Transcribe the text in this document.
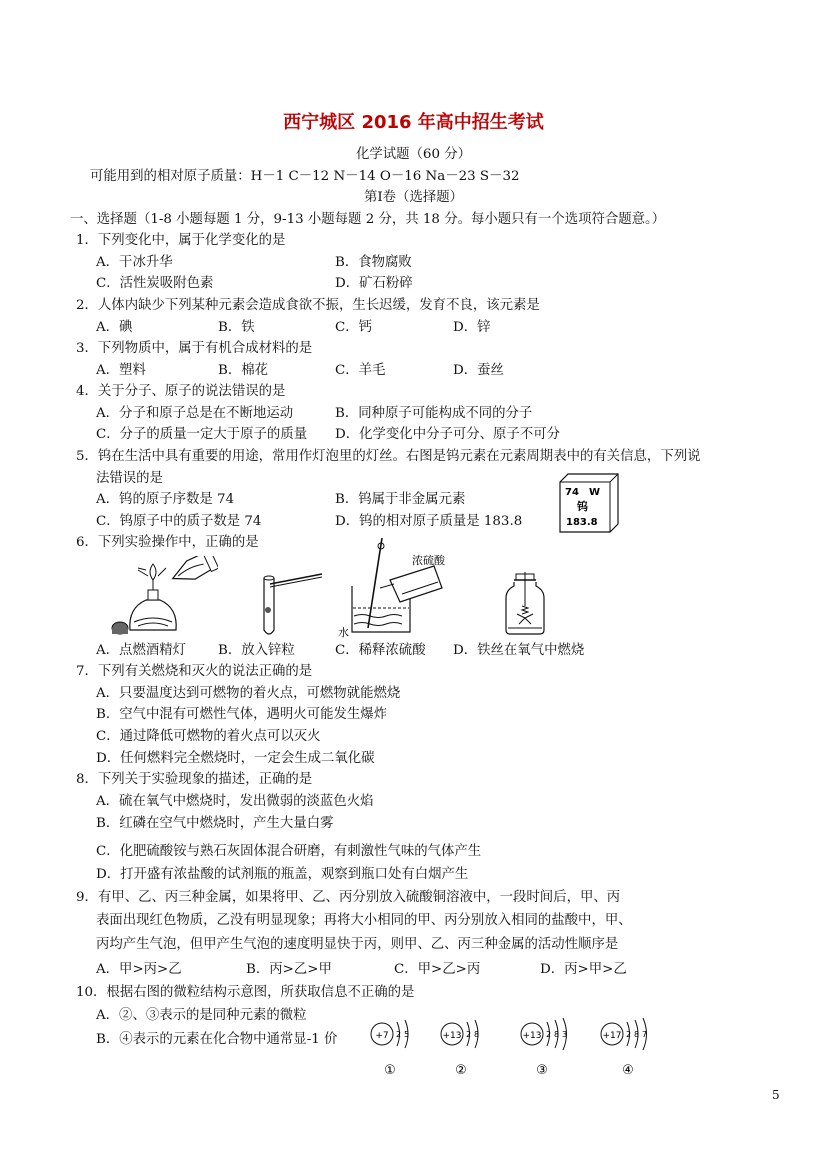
西宁城区 2016 年高中招生考试
化学试题（60 分）
可能用到的相对原子质量：H－1 C－12 N－14 O－16 Na－23 S－32
第Ⅰ卷（选择题）
一、选择题（1-8 小题每题 1 分，9-13 小题每题 2 分，共 18 分。每小题只有一个选项符合题意。）
1．下列变化中，属于化学变化的是
A．干冰升华	B．食物腐败
C．活性炭吸附色素	D．矿石粉碎
2．人体内缺少下列某种元素会造成食欲不振，生长迟缓，发育不良，该元素是
A．碘	B．铁	C．钙	D．锌
3．下列物质中，属于有机合成材料的是
A．塑料	B．棉花	C．羊毛	D．蚕丝
4．关于分子、原子的说法错误的是
A．分子和原子总是在不断地运动	B．同种原子可能构成不同的分子
C．分子的质量一定大于原子的质量 D．化学变化中分子可分、原子不可分
5．钨在生活中具有重要的用途，常用作灯泡里的灯丝。右图是钨元素在元素周期表中的有关信息，下列说
法错误的是
A．钨的原子序数是 74	B．钨属于非金属元素
C．钨原子中的质子数是 74	D．钨的相对原子质量是 183.8
74 W
钨
183.8
6．下列实验操作中，正确的是
浓硫酸
水
A．点燃酒精灯 B．放入锌粒	C．稀释浓硫酸 D．铁丝在氧气中燃烧
7．下列有关燃烧和灭火的说法正确的是
A．只要温度达到可燃物的着火点，可燃物就能燃烧
B．空气中混有可燃性气体，遇明火可能发生爆炸
C．通过降低可燃物的着火点可以灭火
D．任何燃料完全燃烧时，一定会生成二氧化碳
8．下列关于实验现象的描述，正确的是
A．硫在氧气中燃烧时，发出微弱的淡蓝色火焰
B．红磷在空气中燃烧时，产生大量白雾
C．化肥硫酸铵与熟石灰固体混合研磨，有刺激性气味的气体产生
D．打开盛有浓盐酸的试剂瓶的瓶盖，观察到瓶口处有白烟产生
9．有甲、乙、丙三种金属，如果将甲、乙、丙分别放入硫酸铜溶液中，一段时间后，甲、丙
表面出现红色物质，乙没有明显现象；再将大小相同的甲、丙分别放入相同的盐酸中，甲、
丙均产生气泡，但甲产生气泡的速度明显快于丙，则甲、乙、丙三种金属的活动性顺序是
A．甲>丙>乙	B．丙>乙>甲	C．甲>乙>丙	D．丙>甲>乙
10．根据右图的微粒结构示意图，所获取信息不正确的是
A．②、③表示的是同种元素的微粒
B．④表示的元素在化合物中通常显-1 价	+7 2 5
①
+13 2 8
②
+13 2 8 3
③
+17 2 8 7
④
5
